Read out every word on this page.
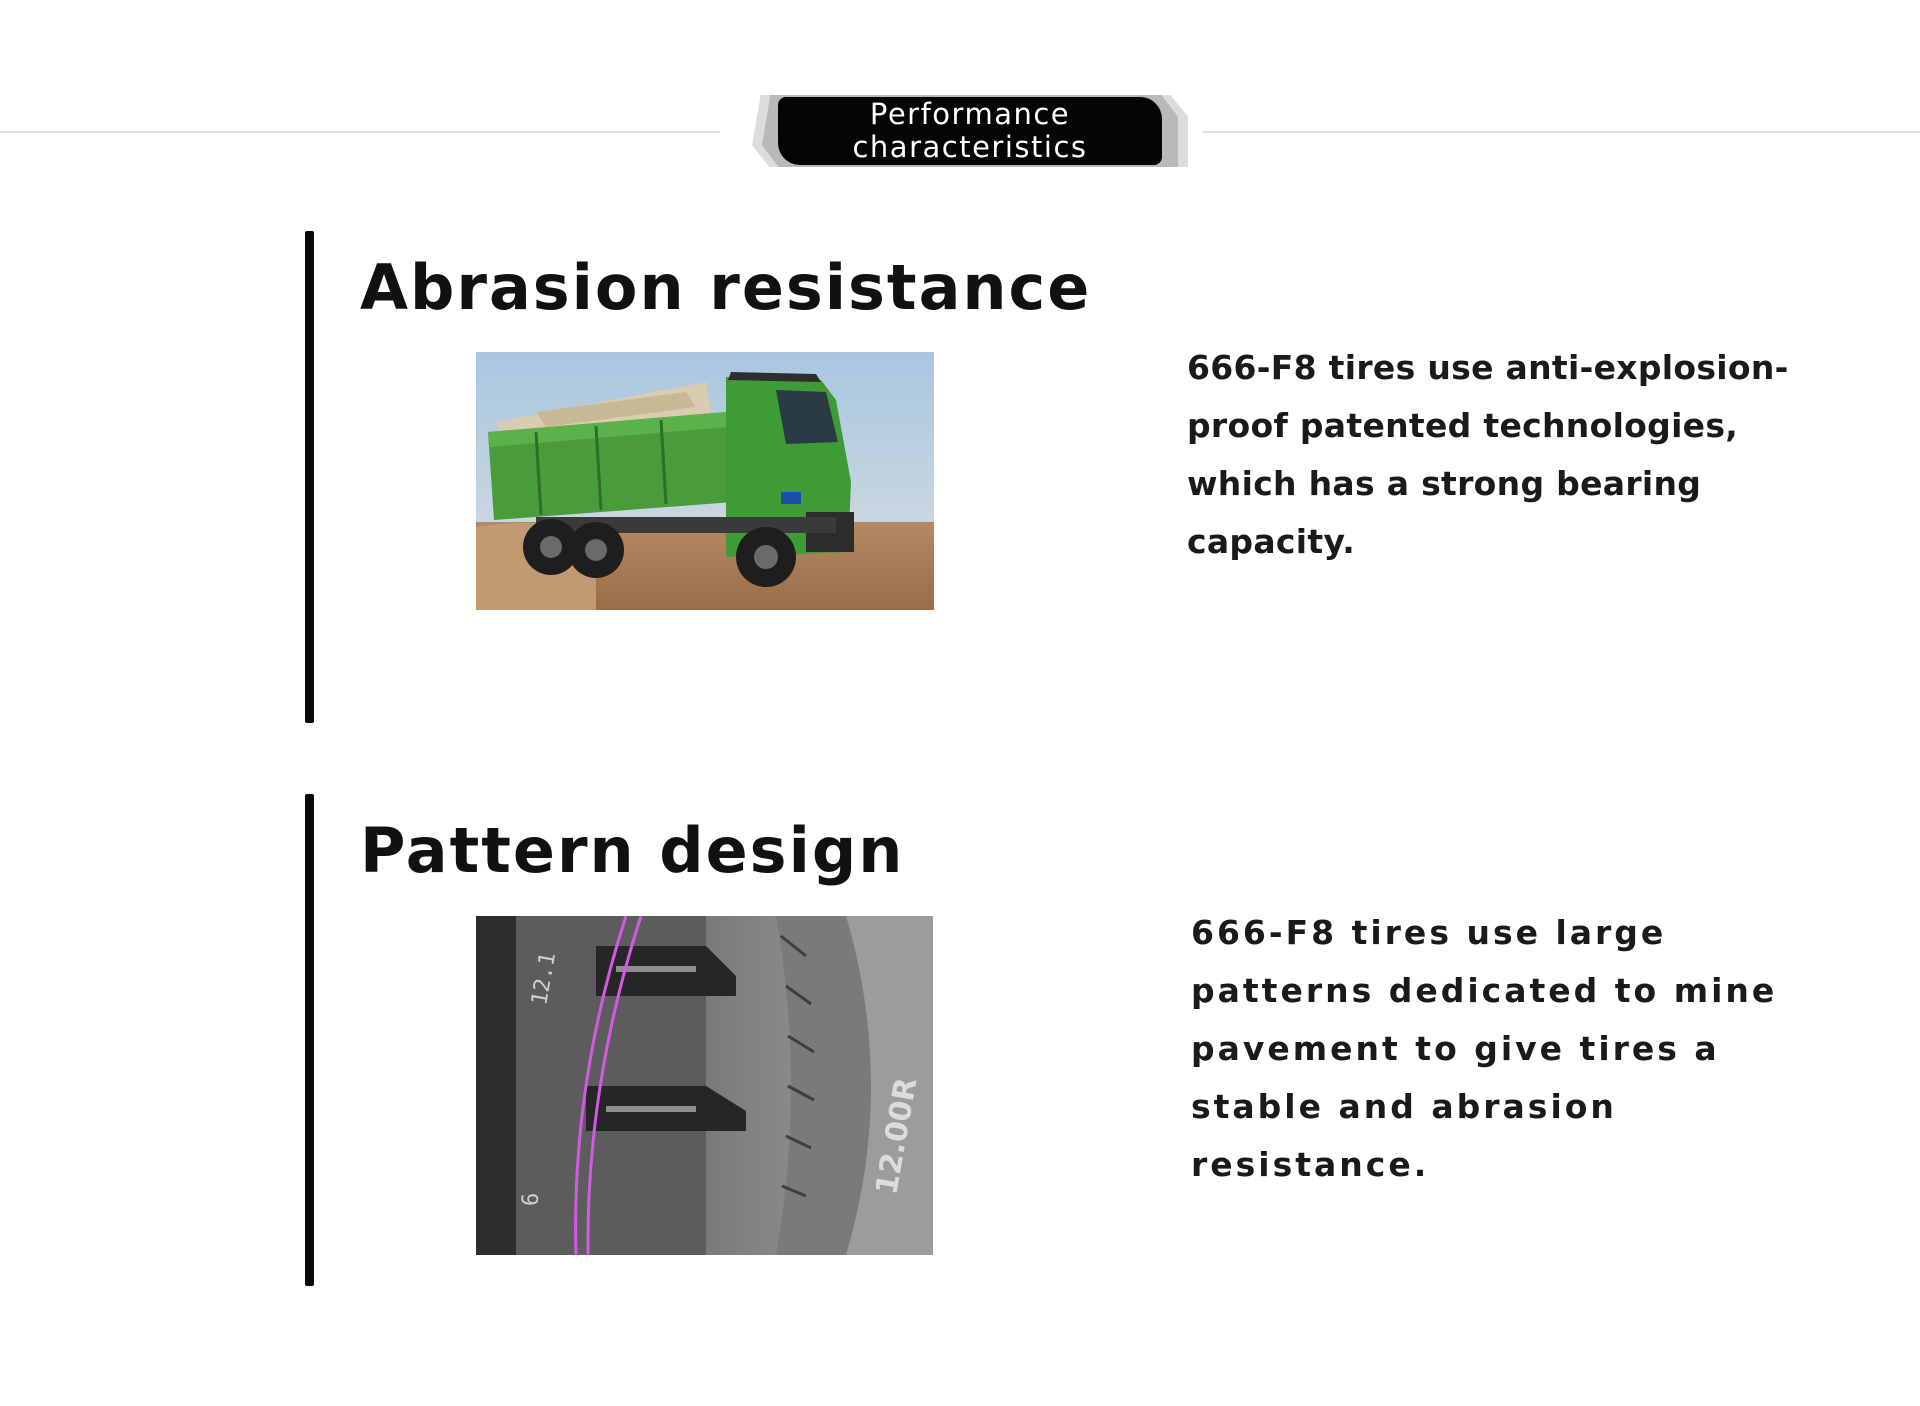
Performance
characteristics
Abrasion resistance
666-F8 tires use anti-explosion-proof patented technologies, which has a strong bearing capacity.
Pattern design
12.00R
12.1
6
666-F8 tires use large patterns dedicated to mine pavement to give tires a stable and abrasion resistance.
